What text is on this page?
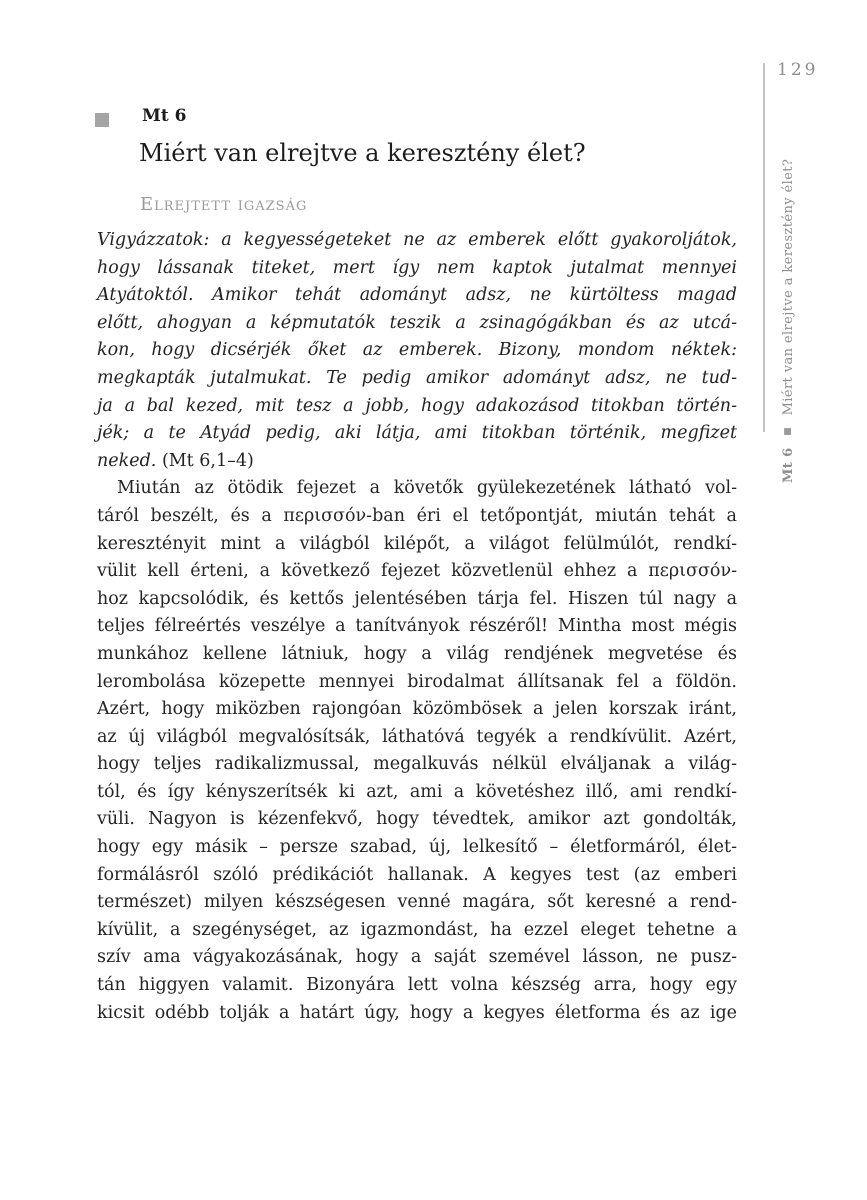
129
Mt 6 ■ Miért van elrejtve a keresztény élet?
Mt 6
Miért van elrejtve a keresztény élet?
Elrejtett igazság
Vigyázzatok: a kegyességeteket ne az emberek előtt gyakoroljátok,
hogy lássanak titeket, mert így nem kaptok jutalmat mennyei
Atyátoktól. Amikor tehát adományt adsz, ne kürtöltess magad
előtt, ahogyan a képmutatók teszik a zsinagógákban és az utcá-
kon, hogy dicsérjék őket az emberek. Bizony, mondom néktek:
megkapták jutalmukat. Te pedig amikor adományt adsz, ne tud-
ja a bal kezed, mit tesz a jobb, hogy adakozásod titokban történ-
jék; a te Atyád pedig, aki látja, ami titokban történik, megfizet
neked. (Mt 6,1–4)
Miután az ötödik fejezet a követők gyülekezetének látható vol-
táról beszélt, és a περισσόν-ban éri el tetőpontját, miután tehát a
keresztényit mint a világból kilépőt, a világot felülmúlót, rendkí-
vülit kell érteni, a következő fejezet közvetlenül ehhez a περισσόν-
hoz kapcsolódik, és kettős jelentésében tárja fel. Hiszen túl nagy a
teljes félreértés veszélye a tanítványok részéről! Mintha most mégis
munkához kellene látniuk, hogy a világ rendjének megvetése és
lerombolása közepette mennyei birodalmat állítsanak fel a földön.
Azért, hogy miközben rajongóan közömbösek a jelen korszak iránt,
az új világból megvalósítsák, láthatóvá tegyék a rendkívülit. Azért,
hogy teljes radikalizmussal, megalkuvás nélkül elváljanak a világ-
tól, és így kényszerítsék ki azt, ami a követéshez illő, ami rendkí-
vüli. Nagyon is kézenfekvő, hogy tévedtek, amikor azt gondolták,
hogy egy másik – persze szabad, új, lelkesítő – életformáról, élet-
formálásról szóló prédikációt hallanak. A kegyes test (az emberi
természet) milyen készségesen venné magára, sőt keresné a rend-
kívülit, a szegénységet, az igazmondást, ha ezzel eleget tehetne a
szív ama vágyakozásának, hogy a saját szemével lásson, ne pusz-
tán higgyen valamit. Bizonyára lett volna készség arra, hogy egy
kicsit odébb tolják a határt úgy, hogy a kegyes életforma és az ige
